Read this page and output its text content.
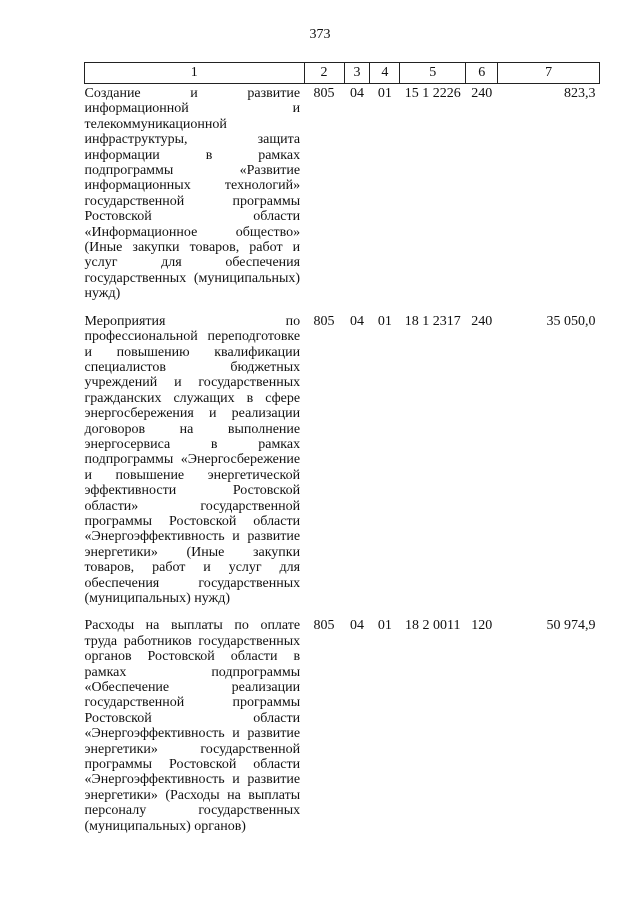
373
1	2	3	4	5	6	7
Создание и развитие информационной и телекоммуникационной инфраструктуры, защита информации в рамках подпрограммы «Развитие информационных технологий» государственной программы Ростовской области «Информационное общество» (Иные закупки товаров, работ и услуг для обеспечения государственных (муниципальных) нужд)	805	04	01	15 1 2226	240	823,3
Мероприятия по профессиональной переподготовке и повышению квалификации специалистов бюджетных учреждений и государственных гражданских служащих в сфере энергосбережения и реализации договоров на выполнение энергосервиса в рамках подпрограммы «Энергосбережение и повышение энергетической эффективности Ростовской области» государственной программы Ростовской области «Энергоэффективность и развитие энергетики» (Иные закупки товаров, работ и услуг для обеспечения государственных (муниципальных) нужд)	805	04	01	18 1 2317	240	35 050,0
Расходы на выплаты по оплате труда работников государственных органов Ростовской области в рамках подпрограммы «Обеспечение реализации государственной программы Ростовской области «Энергоэффективность и развитие энергетики» государственной программы Ростовской области «Энергоэффективность и развитие энергетики» (Расходы на выплаты персоналу государственных (муниципальных) органов)	805	04	01	18 2 0011	120	50 974,9
